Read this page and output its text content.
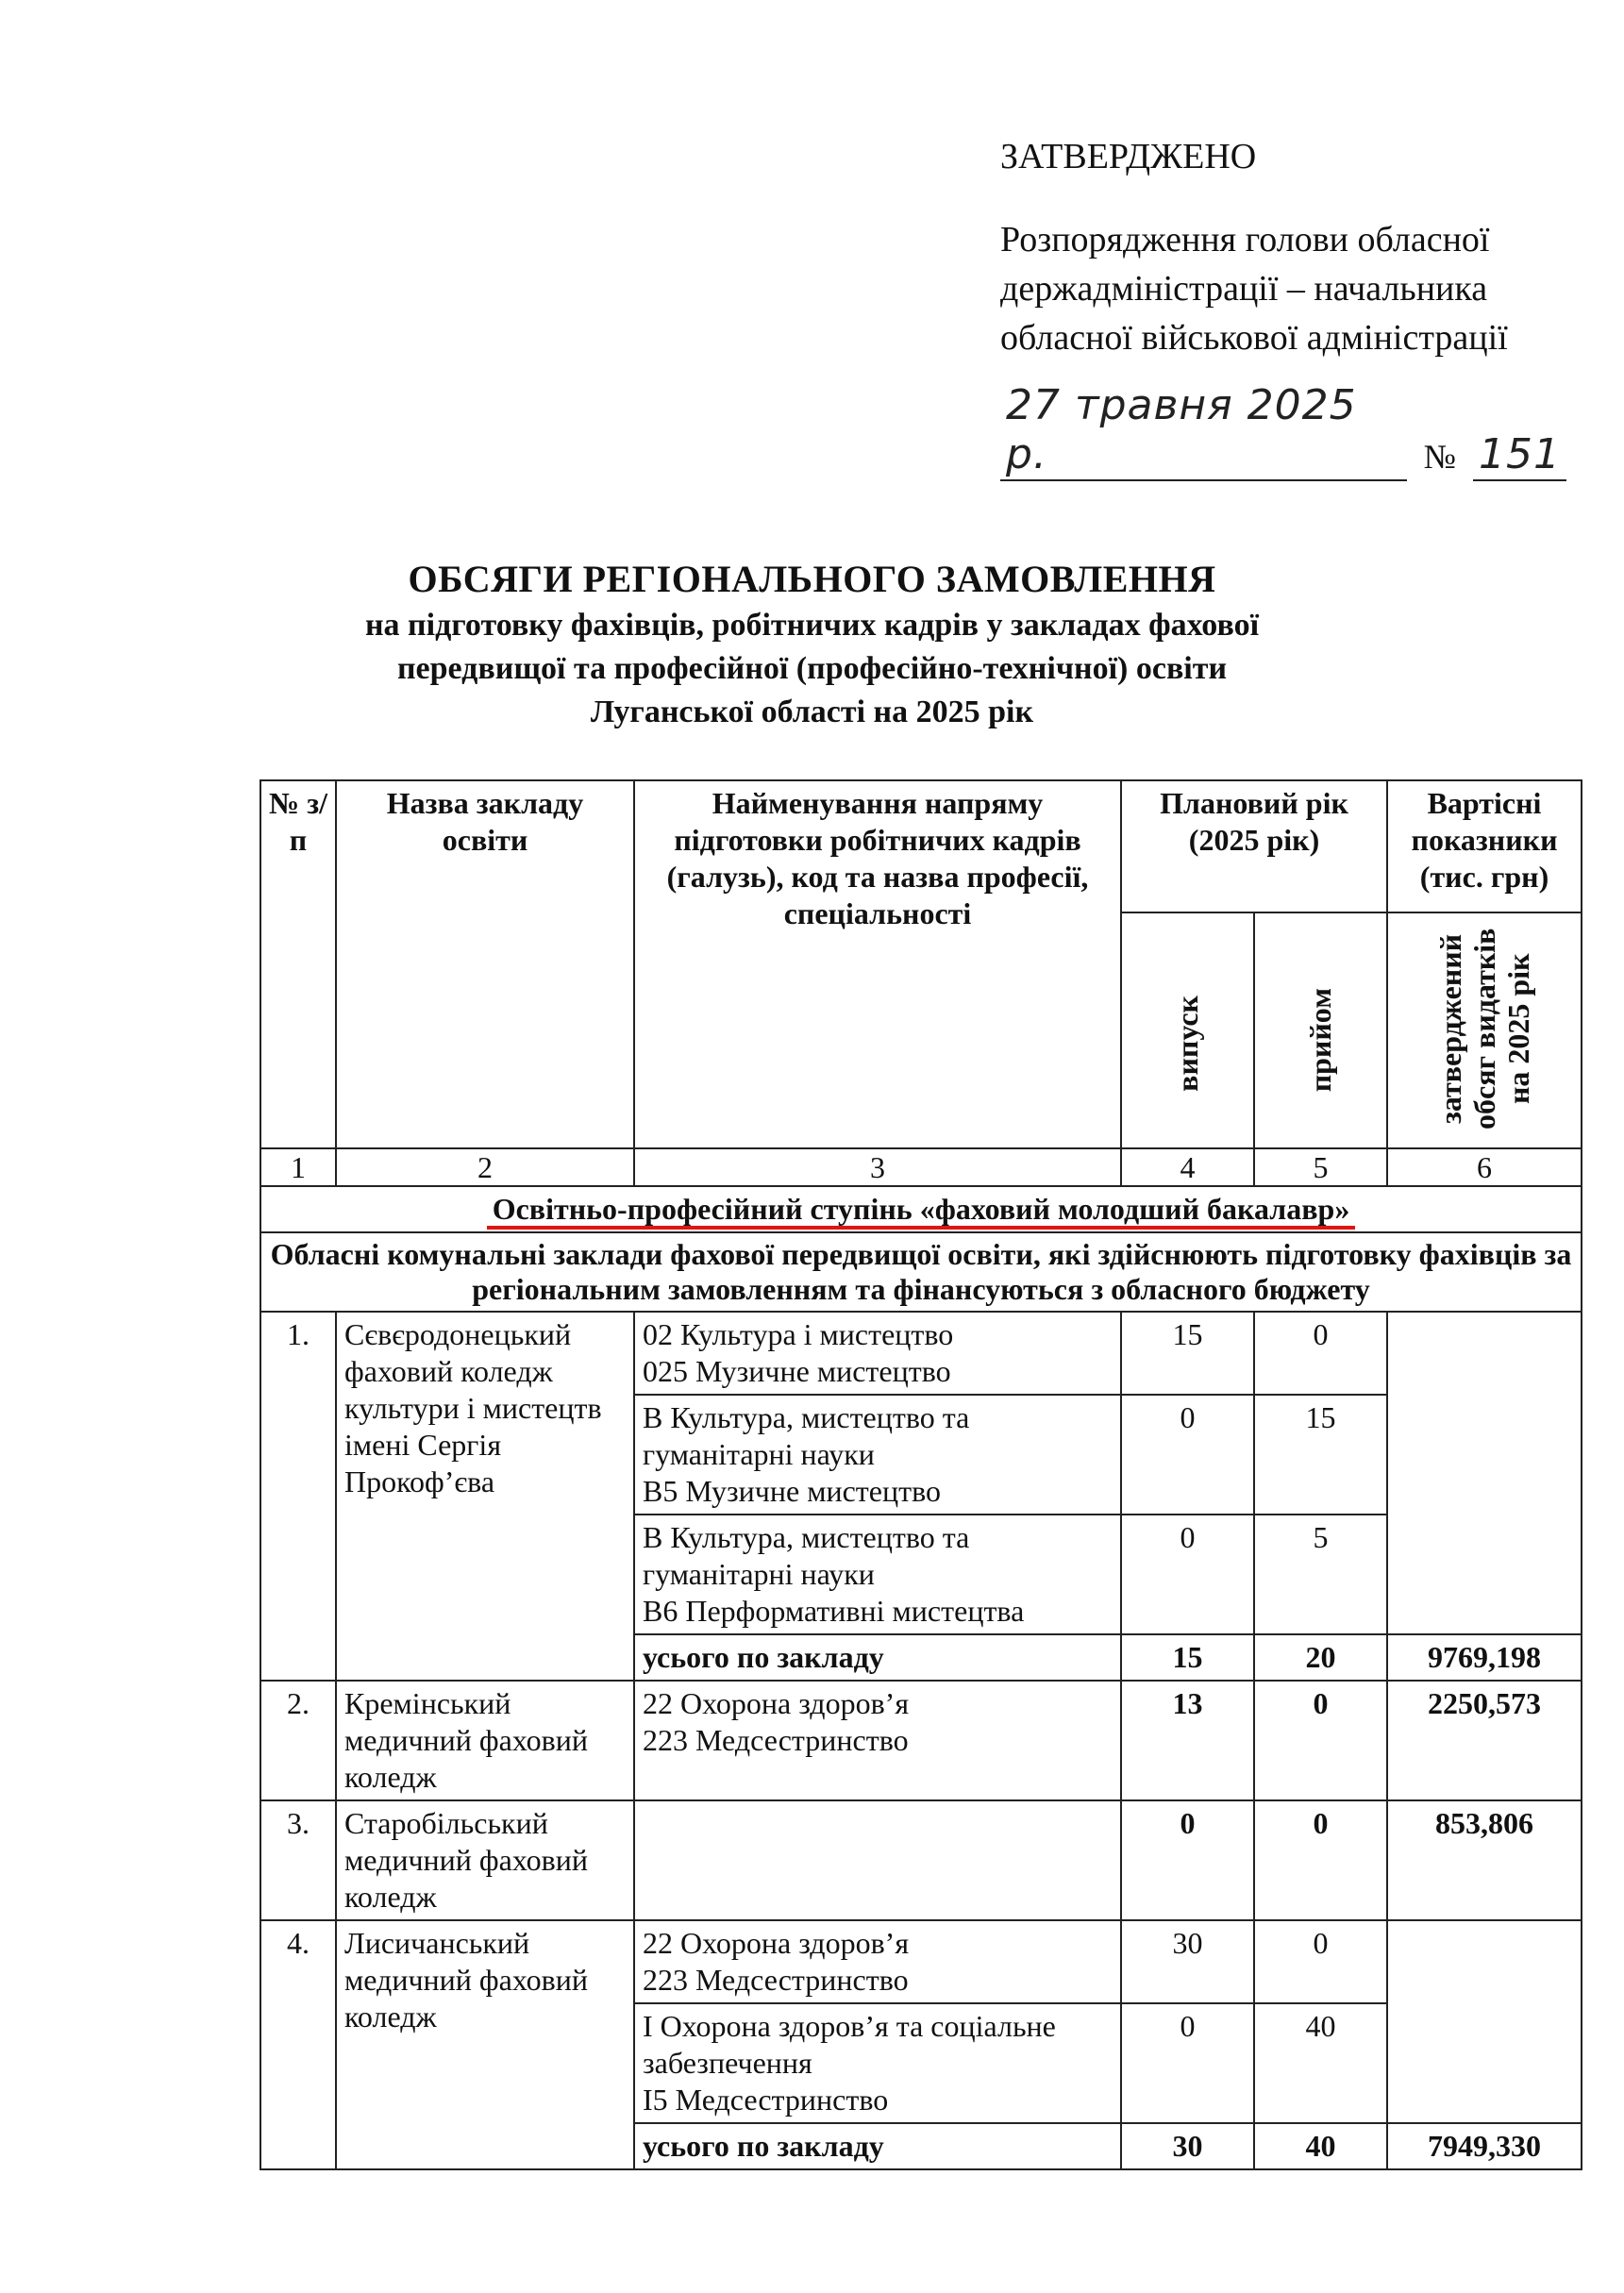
ЗАТВЕРДЖЕНО
Розпорядження голови обласної
держадміністрації – начальника
обласної військової адміністрації
27 травня 2025 р.	№ 151
ОБСЯГИ РЕГІОНАЛЬНОГО ЗАМОВЛЕННЯ
на підготовку фахівців, робітничих кадрів у закладах фахової
передвищої та професійної (професійно-технічної) освіти
Луганської області на 2025 рік
№ з/п	Назва закладу освіти	Найменування напряму підготовки робітничих кадрів (галузь), код та назва професії, спеціальності	Плановий рік (2025 рік)		Вартісні показники (тис. грн)
			випуск	прийом	затверджений обсяг видатків на 2025 рік
1	2	3	4	5	6
Освітньо-професійний ступінь «фаховий молодший бакалавр»					
Обласні комунальні заклади фахової передвищої освіти, які здійснюють підготовку фахівців за регіональним замовленням та фінансуються з обласного бюджету					
1.	Сєвєродонецький фаховий коледж культури і мистецтв імені Сергія Прокоф’єва	02 Культура і мистецтво
025 Музичне мистецтво	15	0	
		В Культура, мистецтво та гуманітарні науки
В5 Музичне мистецтво	0	15	
		В Культура, мистецтво та гуманітарні науки
В6 Перформативні мистецтва	0	5	
		усього по закладу	15	20	9769,198
2.	Кремінський медичний фаховий коледж	22 Охорона здоров’я
223 Медсестринство	13	0	2250,573
3.	Старобільський медичний фаховий коледж		0	0	853,806
4.	Лисичанський медичний фаховий коледж	22 Охорона здоров’я
223 Медсестринство	30	0	
		І Охорона здоров’я та соціальне забезпечення
І5 Медсестринство	0	40	
		усього по закладу	30	40	7949,330
